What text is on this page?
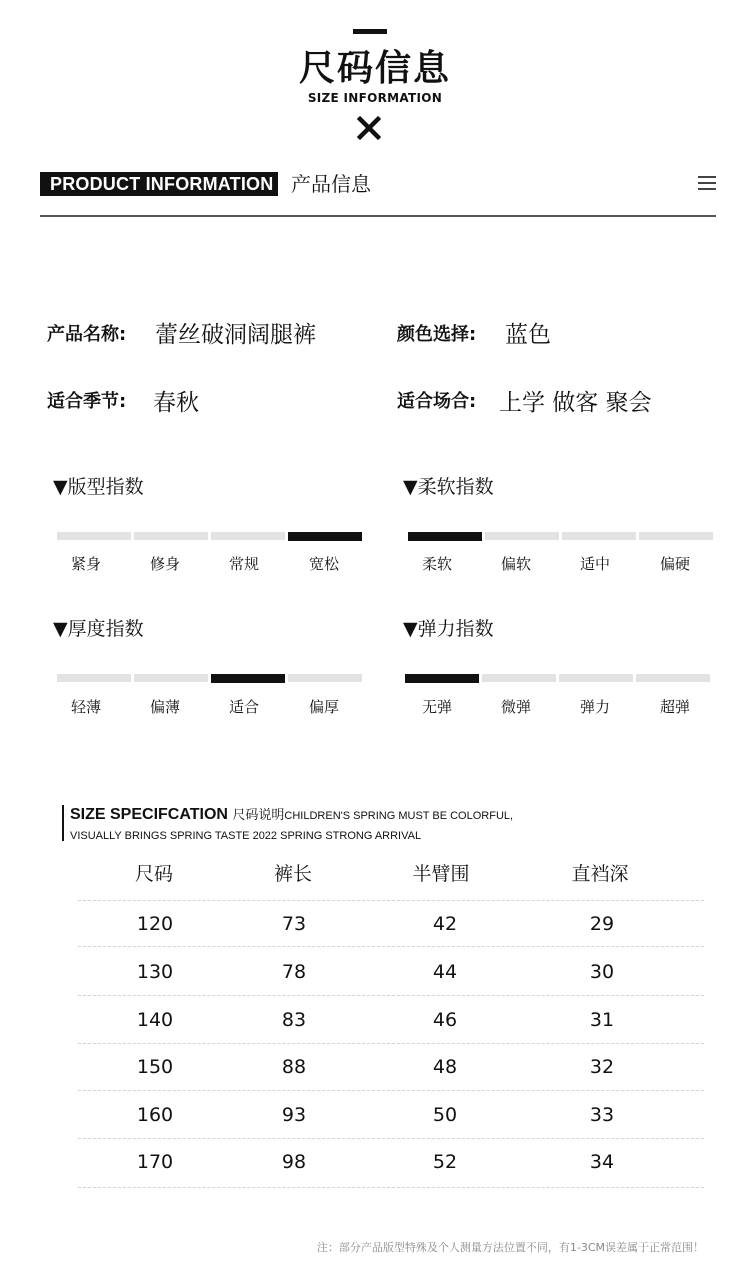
尺码信息
SIZE INFORMATION
PRODUCT INFORMATION 产品信息
产品名称: 蕾丝破洞阔腿裤	颜色选择: 蓝色
适合季节: 春秋	适合场合: 上学 做客 聚会
▼版型指数
紧身	修身	常规	宽松
▼柔软指数
柔软	偏软	适中	偏硬
▼厚度指数
轻薄	偏薄	适合	偏厚
▼弹力指数
无弹	微弹	弹力	超弹
SIZE SPECIFCATION 尺码说明CHILDREN'S SPRING MUST BE COLORFUL,
VISUALLY BRINGS SPRING TASTE 2022 SPRING STRONG ARRIVAL
尺码	裤长	半臂围	直裆深
120	73	42	29
130	78	44	30
140	83	46	31
150	88	48	32
160	93	50	33
170	98	52	34
注：部分产品版型特殊及个人测量方法位置不同，有1-3CM误差属于正常范围！
